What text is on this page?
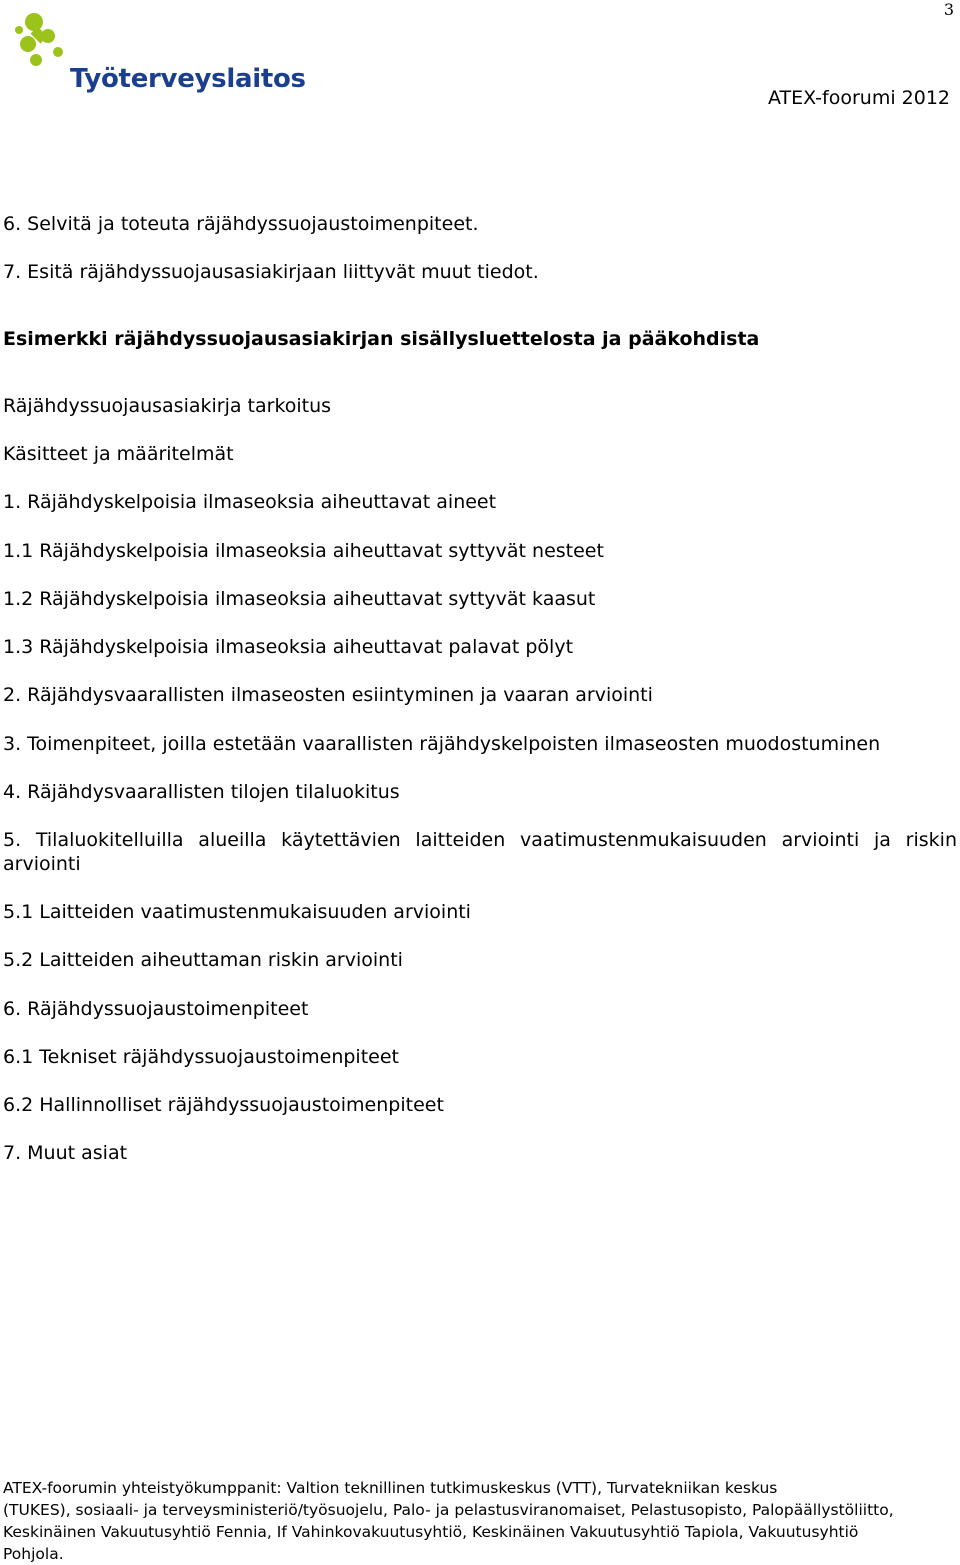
3
Työterveyslaitos
ATEX-foorumi 2012
6. Selvitä ja toteuta räjähdyssuojaustoimenpiteet.
7. Esitä räjähdyssuojausasiakirjaan liittyvät muut tiedot.
Esimerkki räjähdyssuojausasiakirjan sisällysluettelosta ja pääkohdista
Räjähdyssuojausasiakirja tarkoitus
Käsitteet ja määritelmät
1. Räjähdyskelpoisia ilmaseoksia aiheuttavat aineet
1.1 Räjähdyskelpoisia ilmaseoksia aiheuttavat syttyvät nesteet
1.2 Räjähdyskelpoisia ilmaseoksia aiheuttavat syttyvät kaasut
1.3 Räjähdyskelpoisia ilmaseoksia aiheuttavat palavat pölyt
2. Räjähdysvaarallisten ilmaseosten esiintyminen ja vaaran arviointi
3. Toimenpiteet, joilla estetään vaarallisten räjähdyskelpoisten ilmaseosten muodostuminen
4. Räjähdysvaarallisten tilojen tilaluokitus
5. Tilaluokitelluilla alueilla käytettävien laitteiden vaatimustenmukaisuuden arviointi ja riskin arviointi
5.1 Laitteiden vaatimustenmukaisuuden arviointi
5.2 Laitteiden aiheuttaman riskin arviointi
6. Räjähdyssuojaustoimenpiteet
6.1 Tekniset räjähdyssuojaustoimenpiteet
6.2 Hallinnolliset räjähdyssuojaustoimenpiteet
7. Muut asiat
ATEX-foorumin yhteistyökumppanit: Valtion teknillinen tutkimuskeskus (VTT), Turvatekniikan keskus
(TUKES), sosiaali- ja terveysministeriö/työsuojelu, Palo- ja pelastusviranomaiset, Pelastusopisto, Palopäällystöliitto,
Keskinäinen Vakuutusyhtiö Fennia, If Vahinkovakuutusyhtiö, Keskinäinen Vakuutusyhtiö Tapiola, Vakuutusyhtiö
Pohjola.
